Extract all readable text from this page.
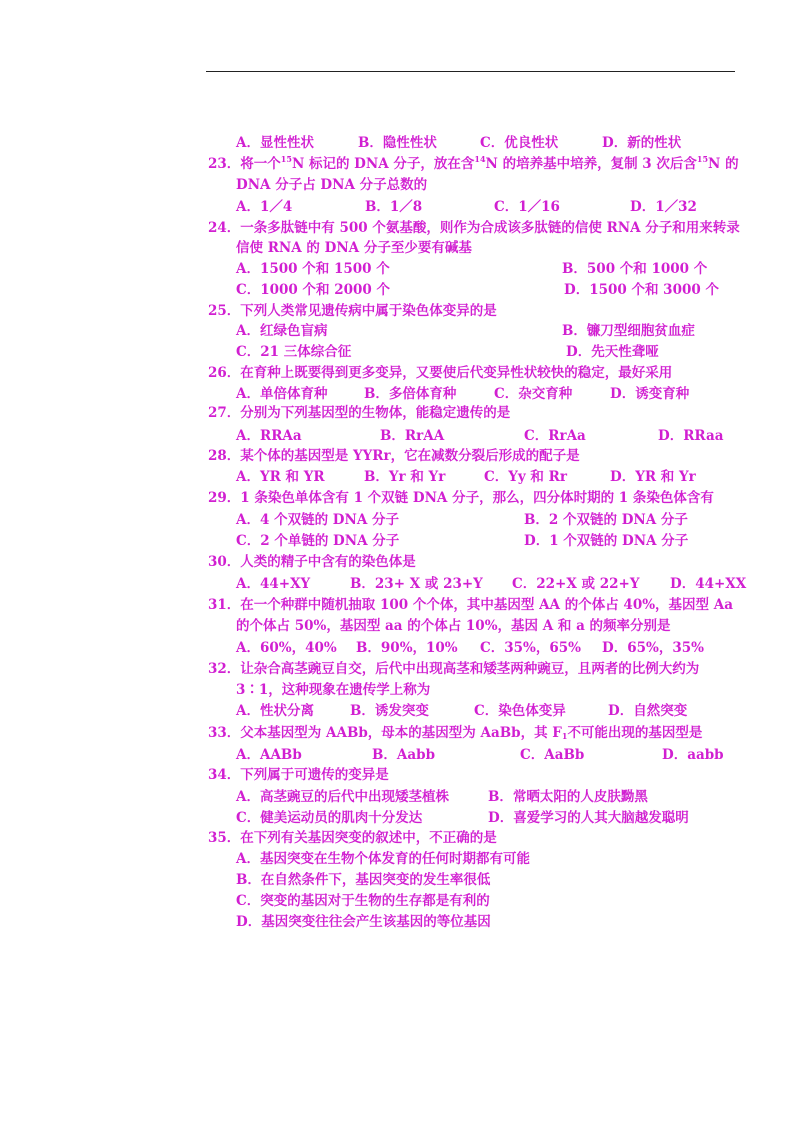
A．显性性状	B．隐性性状	C．优良性状	D．新的性状
23．将一个$^{15}$N 标记的 DNA 分子，放在含$^{14}$N 的培养基中培养，复制 3 次后含$^{15}$N 的
DNA 分子占 DNA 分子总数的
A．1／4	B．1／8	C．1／16	D．1／32
24．一条多肽链中有 500 个氨基酸，则作为合成该多肽链的信使 RNA 分子和用来转录
信使 RNA 的 DNA 分子至少要有碱基
A．1500 个和 1500 个	B．500 个和 1000 个
C．1000 个和 2000 个	D．1500 个和 3000 个
25．下列人类常见遗传病中属于染色体变异的是
A．红绿色盲病	B．镰刀型细胞贫血症
C．21 三体综合征	D．先天性聋哑
26．在育种上既要得到更多变异，又要使后代变异性状较快的稳定，最好采用
A．单倍体育种	B．多倍体育种	C．杂交育种	D．诱变育种
27．分别为下列基因型的生物体，能稳定遗传的是
A．RRAa	B．RrAA	C．RrAa	D．RRaa
28．某个体的基因型是 YYRr，它在减数分裂后形成的配子是
A．YR 和 YR	B．Yr 和 Yr	C．Yy 和 Rr	D．YR 和 Yr
29．1 条染色单体含有 1 个双链 DNA 分子，那么，四分体时期的 1 条染色体含有
A．4 个双链的 DNA 分子	B．2 个双链的 DNA 分子
C．2 个单链的 DNA 分子	D．1 个双链的 DNA 分子
30．人类的精子中含有的染色体是
A．44+XY	B．23+ X 或 23+Y C．22+X 或 22+Y D．44+XX
31．在一个种群中随机抽取 100 个个体，其中基因型 AA 的个体占 40%，基因型 Aa
的个体占 50%，基因型 aa 的个体占 10%，基因 A 和 a 的频率分别是
A．60%，40% B．90%，10% C．35%，65% D．65%，35%
32．让杂合高茎豌豆自交，后代中出现高茎和矮茎两种豌豆，且两者的比例大约为
3∶1，这种现象在遗传学上称为
A．性状分离	B．诱发突变	C．染色体变异	D．自然突变
33．父本基因型为 AABb，母本的基因型为 AaBb，其 $F_1$不可能出现的基因型是
A．AABb	B．Aabb	C．AaBb	D．aabb
34．下列属于可遗传的变异是
A．高茎豌豆的后代中出现矮茎植株	B．常晒太阳的人皮肤黝黑
C．健美运动员的肌肉十分发达	D．喜爱学习的人其大脑越发聪明
35．在下列有关基因突变的叙述中，不正确的是
A．基因突变在生物个体发育的任何时期都有可能
B．在自然条件下，基因突变的发生率很低
C．突变的基因对于生物的生存都是有利的
D．基因突变往往会产生该基因的等位基因
